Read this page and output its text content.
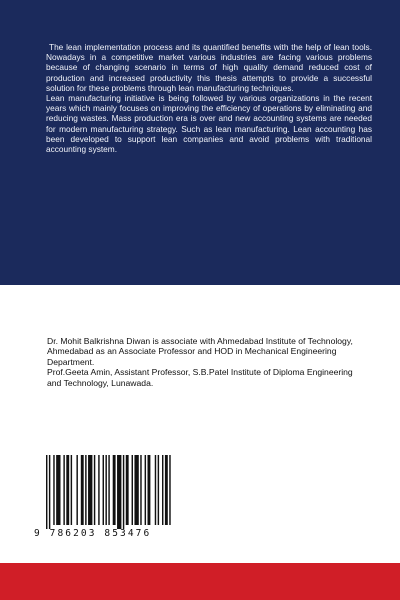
The lean implementation process and its quantified benefits with the help of lean tools. Nowadays in a competitive market various industries are facing various problems because of changing scenario in terms of high quality demand reduced cost of production and increased productivity this thesis attempts to provide a successful solution for these problems through lean manufacturing techniques.

Lean manufacturing initiative is being followed by various organizations in the recent years which mainly focuses on improving the efficiency of operations by eliminating and reducing wastes. Mass production era is over and new accounting systems are needed for modern manufacturing strategy. Such as lean manufacturing. Lean accounting has been developed to support lean companies and avoid problems with traditional accounting system.

Dr. Mohit Balkrishna Diwan is associate with Ahmedabad Institute of Technology, Ahmedabad as an Associate Professor and HOD in Mechanical Engineering Department.

Prof.Geeta Amin, Assistant Professor, S.B.Patel Institute of Diploma Engineering and Technology, Lunawada.

9 786203 853476
